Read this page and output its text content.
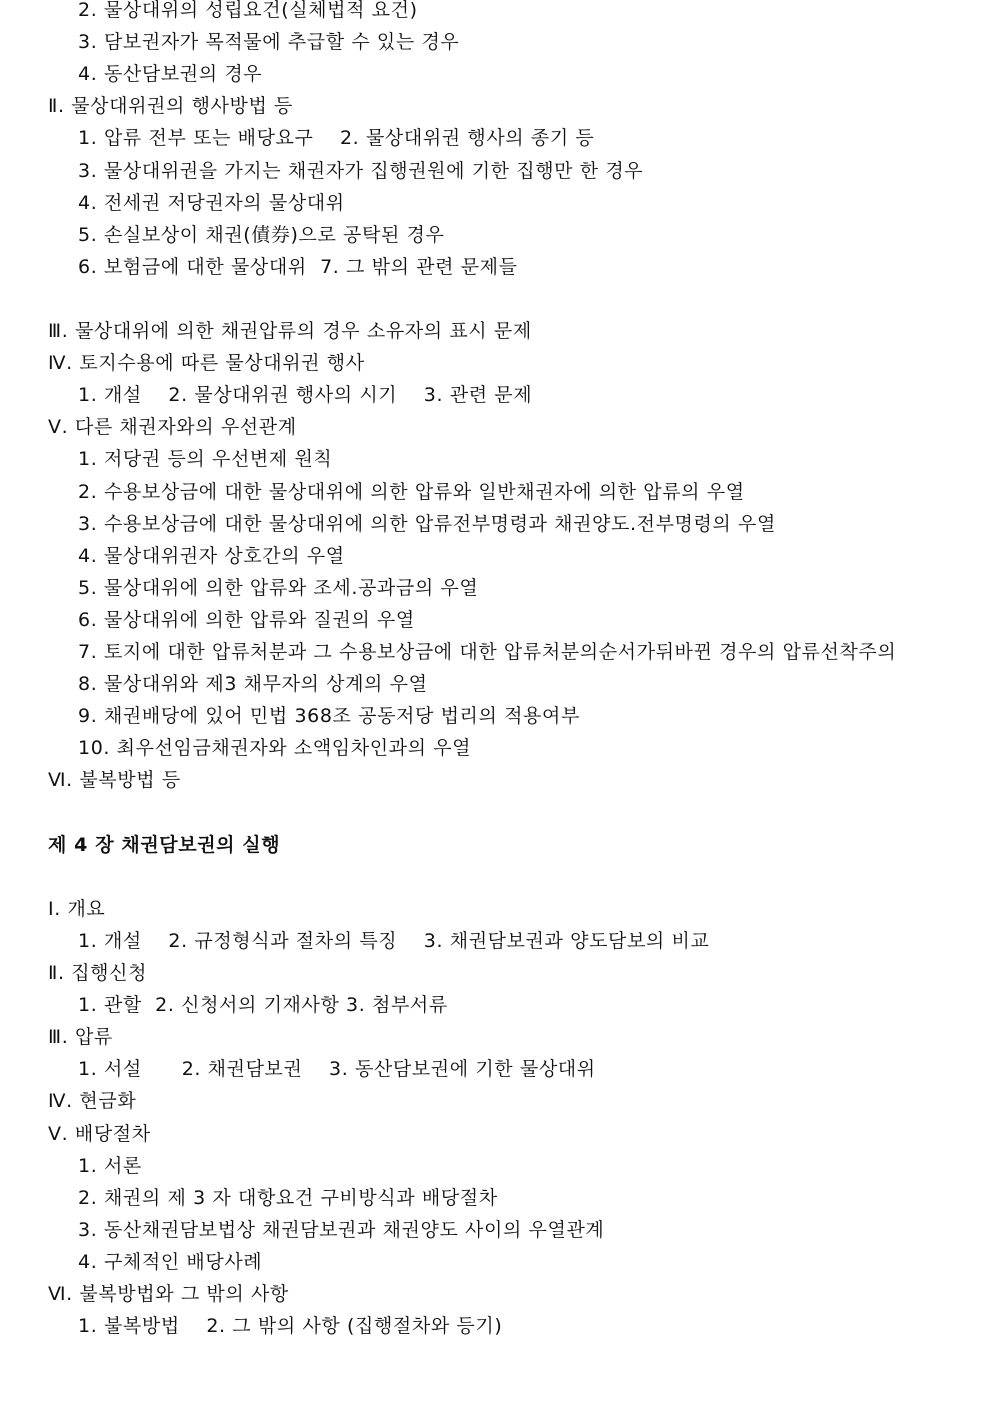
2. 물상대위의 성립요건(실체법적 요건)
3. 담보권자가 목적물에 추급할 수 있는 경우
4. 동산담보권의 경우
Ⅱ. 물상대위권의 행사방법 등
1. 압류 전부 또는 배당요구    2. 물상대위권 행사의 종기 등
3. 물상대위권을 가지는 채권자가 집행권원에 기한 집행만 한 경우
4. 전세권 저당권자의 물상대위
5. 손실보상이 채권(債券)으로 공탁된 경우
6. 보험금에 대한 물상대위  7. 그 밖의 관련 문제들
Ⅲ. 물상대위에 의한 채권압류의 경우 소유자의 표시 문제
Ⅳ. 토지수용에 따른 물상대위권 행사
1. 개설    2. 물상대위권 행사의 시기    3. 관련 문제
Ⅴ. 다른 채권자와의 우선관계
1. 저당권 등의 우선변제 원칙
2. 수용보상금에 대한 물상대위에 의한 압류와 일반채권자에 의한 압류의 우열
3. 수용보상금에 대한 물상대위에 의한 압류전부명령과 채권양도.전부명령의 우열
4. 물상대위권자 상호간의 우열
5. 물상대위에 의한 압류와 조세.공과금의 우열
6. 물상대위에 의한 압류와 질권의 우열
7. 토지에 대한 압류처분과 그 수용보상금에 대한 압류처분의순서가뒤바뀐 경우의 압류선착주의
8. 물상대위와 제3 채무자의 상계의 우열
9. 채권배당에 있어 민법 368조 공동저당 법리의 적용여부
10. 최우선임금채권자와 소액임차인과의 우열
Ⅵ. 불복방법 등
제 4 장 채권담보권의 실행
Ⅰ. 개요
1. 개설    2. 규정형식과 절차의 특징    3. 채권담보권과 양도담보의 비교
Ⅱ. 집행신청
1. 관할  2. 신청서의 기재사항 3. 첨부서류
Ⅲ. 압류
1. 서설      2. 채권담보권    3. 동산담보권에 기한 물상대위
Ⅳ. 현금화
Ⅴ. 배당절차
1. 서론
2. 채권의 제 3 자 대항요건 구비방식과 배당절차
3. 동산채권담보법상 채권담보권과 채권양도 사이의 우열관계
4. 구체적인 배당사례
Ⅵ. 불복방법와 그 밖의 사항
1. 불복방법    2. 그 밖의 사항 (집행절차와 등기)
